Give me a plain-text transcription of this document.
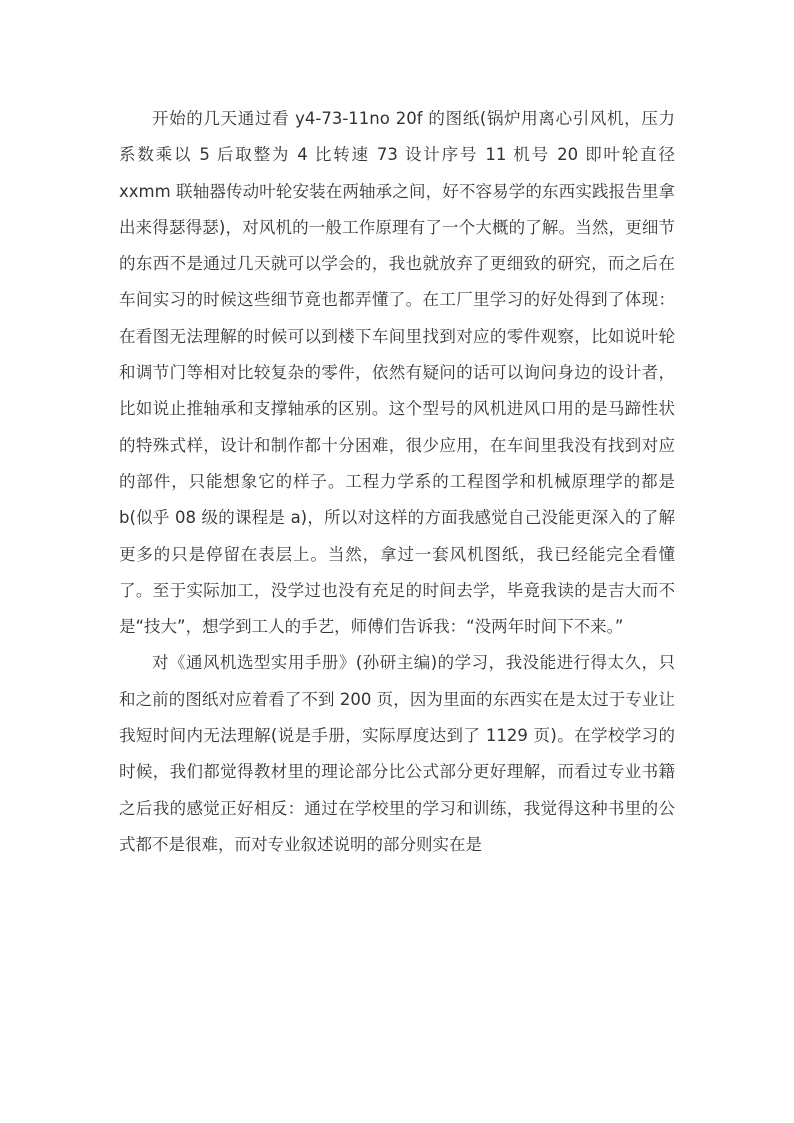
开始的几天通过看 y4-73-11no 20f 的图纸(锅炉用离心引风机，压力系数乘以 5 后取整为 4 比转速 73 设计序号 11 机号 20 即叶轮直径 xxmm 联轴器传动叶轮安装在两轴承之间，好不容易学的东西实践报告里拿出来得瑟得瑟)，对风机的一般工作原理有了一个大概的了解。当然，更细节的东西不是通过几天就可以学会的，我也就放弃了更细致的研究，而之后在车间实习的时候这些细节竟也都弄懂了。在工厂里学习的好处得到了体现：在看图无法理解的时候可以到楼下车间里找到对应的零件观察，比如说叶轮和调节门等相对比较复杂的零件，依然有疑问的话可以询问身边的设计者，比如说止推轴承和支撑轴承的区别。这个型号的风机进风口用的是马蹄性状的特殊式样，设计和制作都十分困难，很少应用，在车间里我没有找到对应的部件，只能想象它的样子。工程力学系的工程图学和机械原理学的都是 b(似乎 08 级的课程是 a)，所以对这样的方面我感觉自己没能更深入的了解更多的只是停留在表层上。当然，拿过一套风机图纸，我已经能完全看懂了。至于实际加工，没学过也没有充足的时间去学，毕竟我读的是吉大而不是“技大”，想学到工人的手艺，师傅们告诉我：“没两年时间下不来。”

对《通风机选型实用手册》(孙研主编)的学习，我没能进行得太久，只和之前的图纸对应着看了不到 200 页，因为里面的东西实在是太过于专业让我短时间内无法理解(说是手册，实际厚度达到了 1129 页)。在学校学习的时候，我们都觉得教材里的理论部分比公式部分更好理解，而看过专业书籍之后我的感觉正好相反：通过在学校里的学习和训练，我觉得这种书里的公式都不是很难，而对专业叙述说明的部分则实在是
